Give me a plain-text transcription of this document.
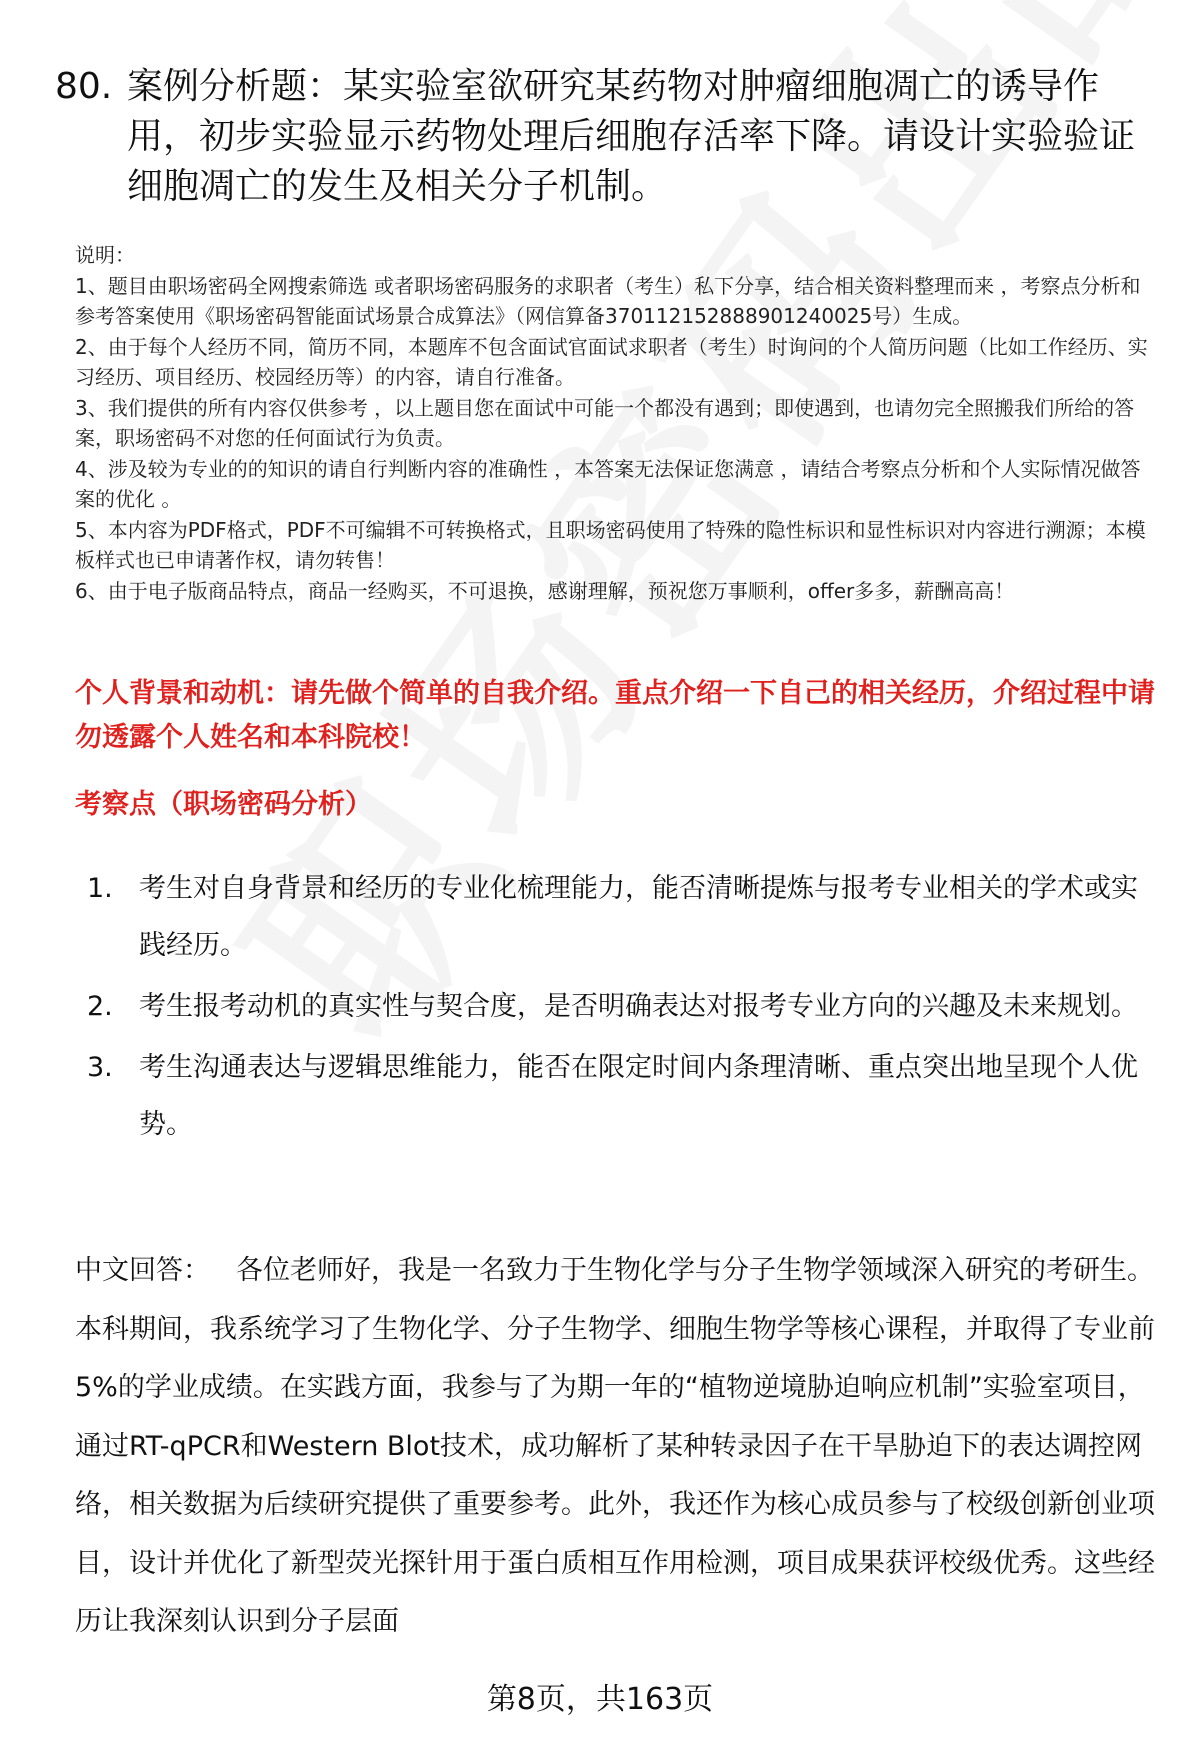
80. 案例分析题：某实验室欲研究某药物对肿瘤细胞凋亡的诱导作用，初步实验显示药物处理后细胞存活率下降。请设计实验验证细胞凋亡的发生及相关分子机制。

说明：

1、题目由职场密码全网搜索筛选 或者职场密码服务的求职者（考生）私下分享，结合相关资料整理而来 ，考察点分析和参考答案使用《职场密码智能面试场景合成算法》（网信算备370112152888901240025号）生成。

2、由于每个人经历不同，简历不同，本题库不包含面试官面试求职者（考生）时询问的个人简历问题（比如工作经历、实习经历、项目经历、校园经历等）的内容，请自行准备。

3、我们提供的所有内容仅供参考 ，以上题目您在面试中可能一个都没有遇到；即使遇到，也请勿完全照搬我们所给的答案，职场密码不对您的任何面试行为负责。

4、涉及较为专业的的知识的请自行判断内容的准确性 ，本答案无法保证您满意 ，请结合考察点分析和个人实际情况做答案的优化 。

5、本内容为PDF格式，PDF不可编辑不可转换格式，且职场密码使用了特殊的隐性标识和显性标识对内容进行溯源；本模板样式也已申请著作权，请勿转售！

6、由于电子版商品特点，商品一经购买，不可退换，感谢理解，预祝您万事顺利，offer多多，薪酬高高！

个人背景和动机：请先做个简单的自我介绍。重点介绍一下自己的相关经历，介绍过程中请勿透露个人姓名和本科院校！
考察点（职场密码分析）
1. 考生对自身背景和经历的专业化梳理能力，能否清晰提炼与报考专业相关的学术或实践经历。
2. 考生报考动机的真实性与契合度，是否明确表达对报考专业方向的兴趣及未来规划。
3. 考生沟通表达与逻辑思维能力，能否在限定时间内条理清晰、重点突出地呈现个人优势。

中文回答： 各位老师好，我是一名致力于生物化学与分子生物学领域深入研究的考研生。本科期间，我系统学习了生物化学、分子生物学、细胞生物学等核心课程，并取得了专业前5%的学业成绩。在实践方面，我参与了为期一年的“植物逆境胁迫响应机制”实验室项目，通过RT-qPCR和Western Blot技术，成功解析了某种转录因子在干旱胁迫下的表达调控网络，相关数据为后续研究提供了重要参考。此外，我还作为核心成员参与了校级创新创业项目，设计并优化了新型荧光探针用于蛋白质相互作用检测，项目成果获评校级优秀。这些经历让我深刻认识到分子层面

第8页，共163页
